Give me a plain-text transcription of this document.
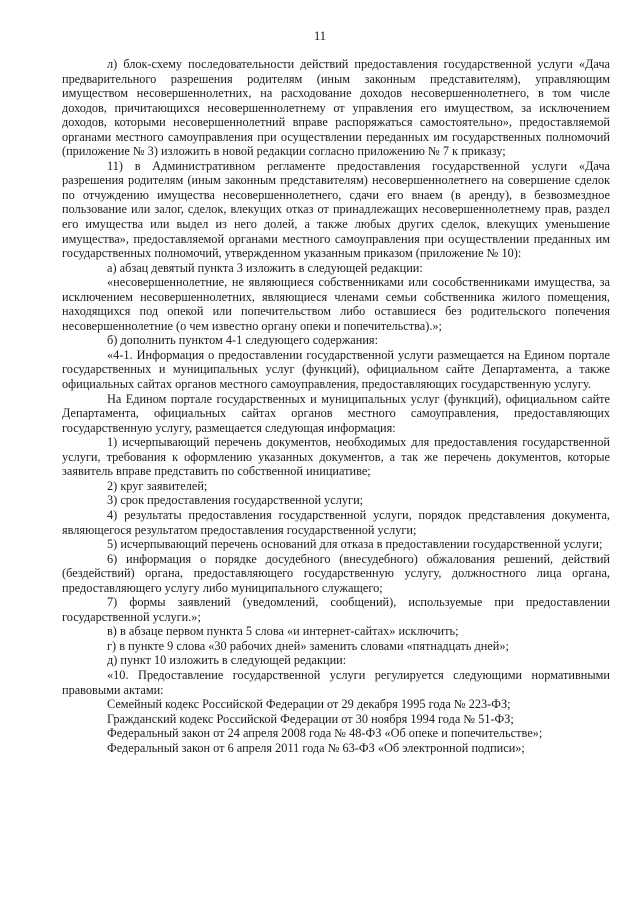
11

л) блок-схему последовательности действий предоставления государственной услуги «Дача предварительного разрешения родителям (иным законным представителям), управляющим имуществом несовершеннолетних, на расходование доходов несовершеннолетнего, в том числе доходов, причитающихся несовершеннолетнему от управления его имуществом, за исключением доходов, которыми несовершеннолетний вправе распоряжаться самостоятельно», предоставляемой органами местного самоуправления при осуществлении переданных им государственных полномочий (приложение № 3) изложить в новой редакции согласно приложению № 7 к приказу;

11) в Административном регламенте предоставления государственной услуги «Дача разрешения родителям (иным законным представителям) несовершеннолетнего на совершение сделок по отчуждению имущества несовершеннолетнего, сдачи его внаем (в аренду), в безвозмездное пользование или залог, сделок, влекущих отказ от принадлежащих несовершеннолетнему прав, раздел его имущества или выдел из него долей, а также любых других сделок, влекущих уменьшение имущества», предоставляемой органами местного самоуправления при осуществлении преданных им государственных полномочий, утвержденном указанным приказом (приложение № 10):

а) абзац девятый пункта 3 изложить в следующей редакции:

«несовершеннолетние, не являющиеся собственниками или сособственниками имущества, за исключением несовершеннолетних, являющиеся членами семьи собственника жилого помещения, находящихся под опекой или попечительством либо оставшиеся без родительского попечения несовершеннолетние (о чем известно органу опеки и попечительства).»;

б) дополнить пунктом 4-1 следующего содержания:

«4-1. Информация о предоставлении государственной услуги размещается на Едином портале государственных и муниципальных услуг (функций), официальном сайте Департамента, а также официальных сайтах органов местного самоуправления, предоставляющих государственную услугу.

На Едином портале государственных и муниципальных услуг (функций), официальном сайте Департамента, официальных сайтах органов местного самоуправления, предоставляющих государственную услугу, размещается следующая информация:

1) исчерпывающий перечень документов, необходимых для предоставления государственной услуги, требования к оформлению указанных документов, а так же перечень документов, которые заявитель вправе представить по собственной инициативе;

2) круг заявителей;

3) срок предоставления государственной услуги;

4) результаты предоставления государственной услуги, порядок представления документа, являющегося результатом предоставления государственной услуги;

5) исчерпывающий перечень оснований для отказа в предоставлении государственной услуги;

6) информация о порядке досудебного (внесудебного) обжалования решений, действий (бездействий) органа, предоставляющего государственную услугу, должностного лица органа, предоставляющего услугу либо муниципального служащего;

7) формы заявлений (уведомлений, сообщений), используемые при предоставлении государственной услуги.»;

в) в абзаце первом пункта 5 слова «и интернет-сайтах» исключить;

г) в пункте 9 слова «30 рабочих дней» заменить словами «пятнадцать дней»;

д) пункт 10 изложить в следующей редакции:

«10. Предоставление государственной услуги регулируется следующими нормативными правовыми актами:

Семейный кодекс Российской Федерации от 29 декабря 1995 года № 223-ФЗ;

Гражданский кодекс Российской Федерации от 30 ноября 1994 года № 51-ФЗ;

Федеральный закон от 24 апреля 2008 года № 48-ФЗ «Об опеке и попечительстве»;

Федеральный закон от 6 апреля 2011 года № 63-ФЗ «Об электронной подписи»;
